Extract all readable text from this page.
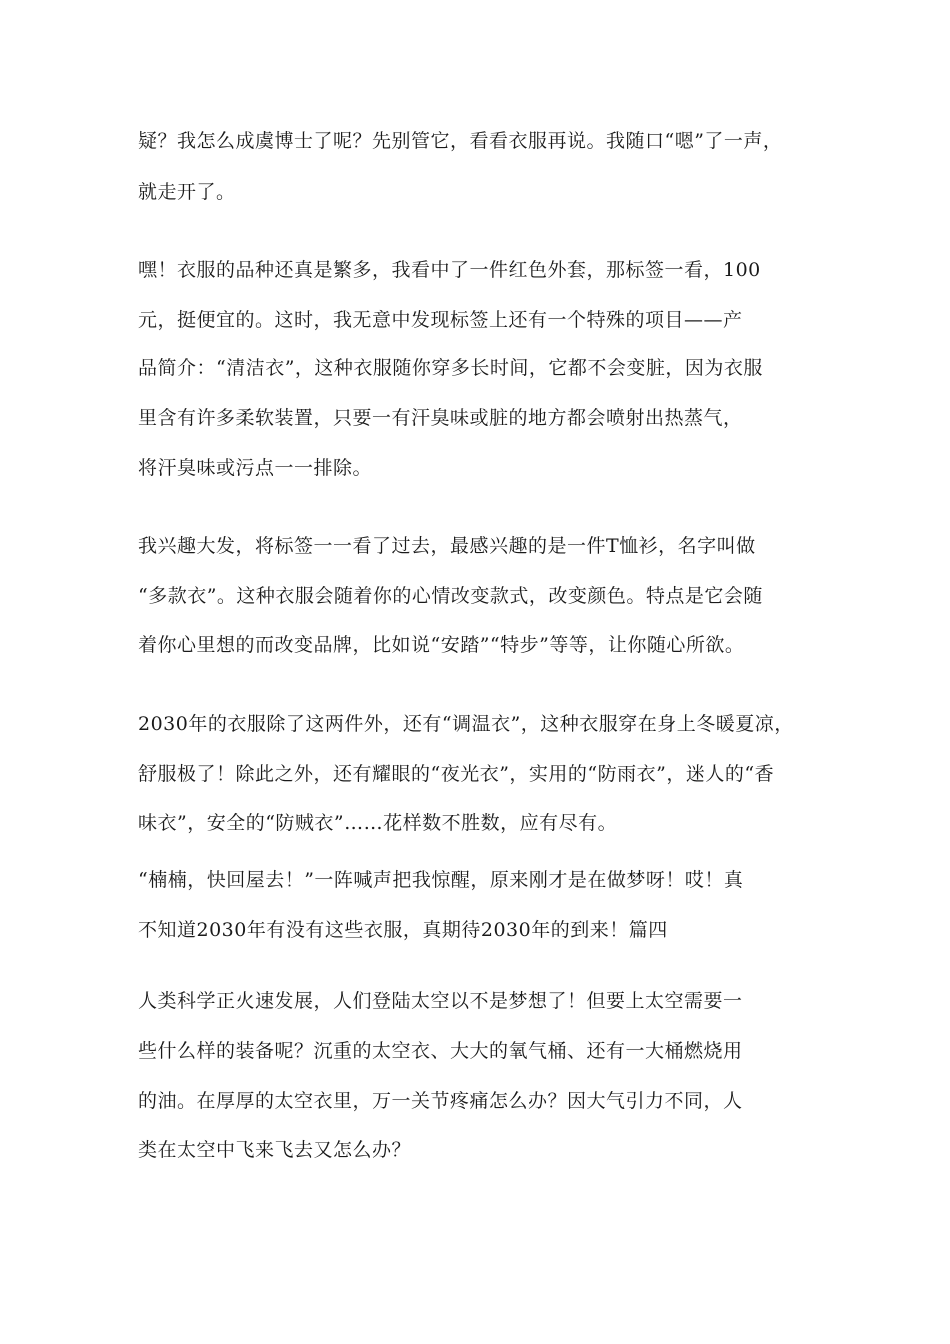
疑？我怎么成虞博士了呢？先别管它，看看衣服再说。我随口“嗯”了一声，
就走开了。
嘿！衣服的品种还真是繁多，我看中了一件红色外套，那标签一看，100
元，挺便宜的。这时，我无意中发现标签上还有一个特殊的项目——产
品简介：“清洁衣”，这种衣服随你穿多长时间，它都不会变脏，因为衣服
里含有许多柔软装置，只要一有汗臭味或脏的地方都会喷射出热蒸气，
将汗臭味或污点一一排除。
我兴趣大发，将标签一一看了过去，最感兴趣的是一件T恤衫，名字叫做
“多款衣”。这种衣服会随着你的心情改变款式，改变颜色。特点是它会随
着你心里想的而改变品牌，比如说“安踏”“特步”等等，让你随心所欲。
2030年的衣服除了这两件外，还有“调温衣”，这种衣服穿在身上冬暖夏凉，
舒服极了！除此之外，还有耀眼的“夜光衣”，实用的“防雨衣”，迷人的“香
味衣”，安全的“防贼衣”……花样数不胜数，应有尽有。
“楠楠，快回屋去！”一阵喊声把我惊醒，原来刚才是在做梦呀！哎！真
不知道2030年有没有这些衣服，真期待2030年的到来！篇四
人类科学正火速发展，人们登陆太空以不是梦想了！但要上太空需要一
些什么样的装备呢？沉重的太空衣、大大的氧气桶、还有一大桶燃烧用
的油。在厚厚的太空衣里，万一关节疼痛怎么办？因大气引力不同，人
类在太空中飞来飞去又怎么办？
